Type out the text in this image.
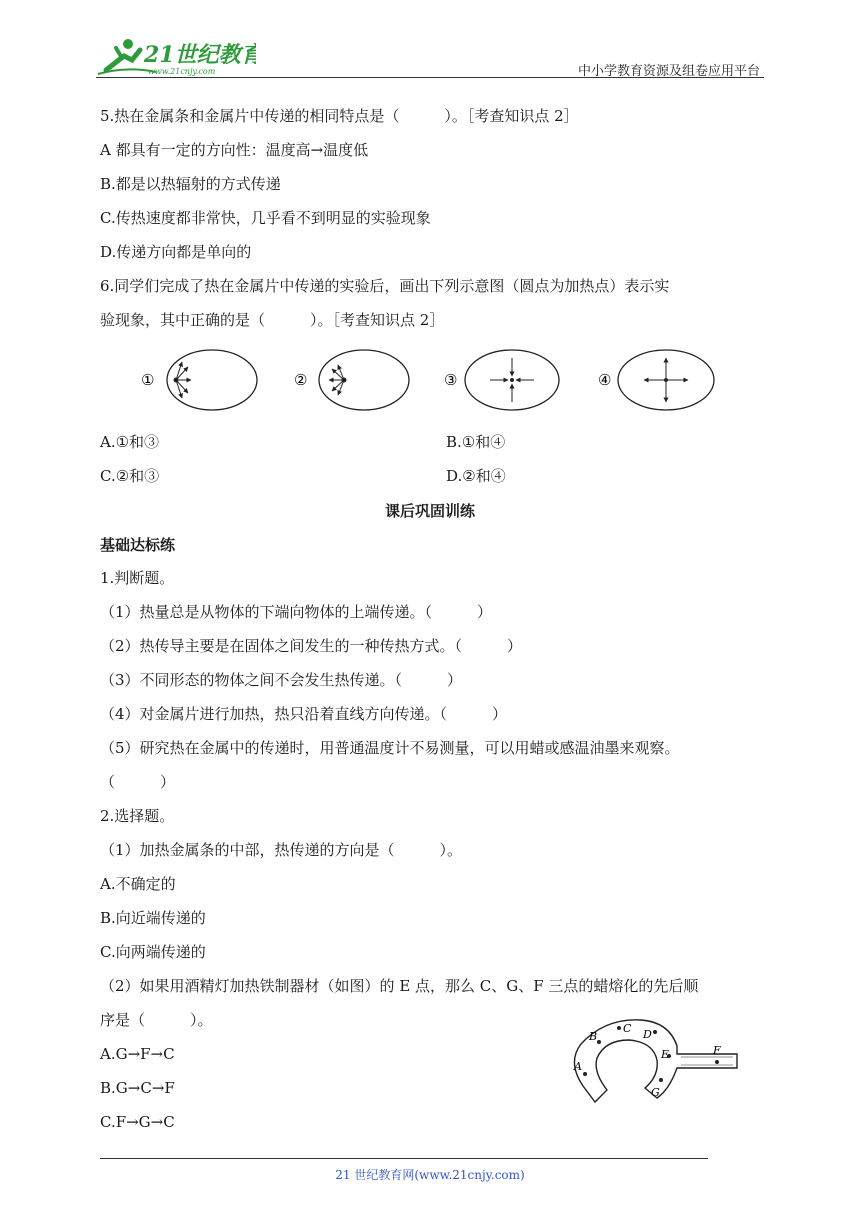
21世纪教育
www.21cnjy.com	中小学教育资源及组卷应用平台
5.热在金属条和金属片中传递的相同特点是（　　　）。［考查知识点 2］
A 都具有一定的方向性：温度高→温度低
B.都是以热辐射的方式传递
C.传热速度都非常快，几乎看不到明显的实验现象
D.传递方向都是单向的
6.同学们完成了热在金属片中传递的实验后，画出下列示意图（圆点为加热点）表示实
验现象，其中正确的是（　　　）。［考查知识点 2］
①	②	③	④
A.①和③	B.①和④
C.②和③	D.②和④
课后巩固训练
基础达标练
1.判断题。
（1）热量总是从物体的下端向物体的上端传递。（　　　）
（2）热传导主要是在固体之间发生的一种传热方式。（　　　）
（3）不同形态的物体之间不会发生热传递。（　　　）
（4）对金属片进行加热，热只沿着直线方向传递。（　　　）
（5）研究热在金属中的传递时，用普通温度计不易测量，可以用蜡或感温油墨来观察。
（　　　）
2.选择题。
（1）加热金属条的中部，热传递的方向是（　　　）。
A.不确定的
B.向近端传递的
C.向两端传递的
（2）如果用酒精灯加热铁制器材（如图）的 E 点，那么 C、G、F 三点的蜡熔化的先后顺
序是（　　　）。
A.G→F→C
B.G→C→F
C.F→G→C
A
B
C D
E	F
G
21 世纪教育网(www.21cnjy.com)
